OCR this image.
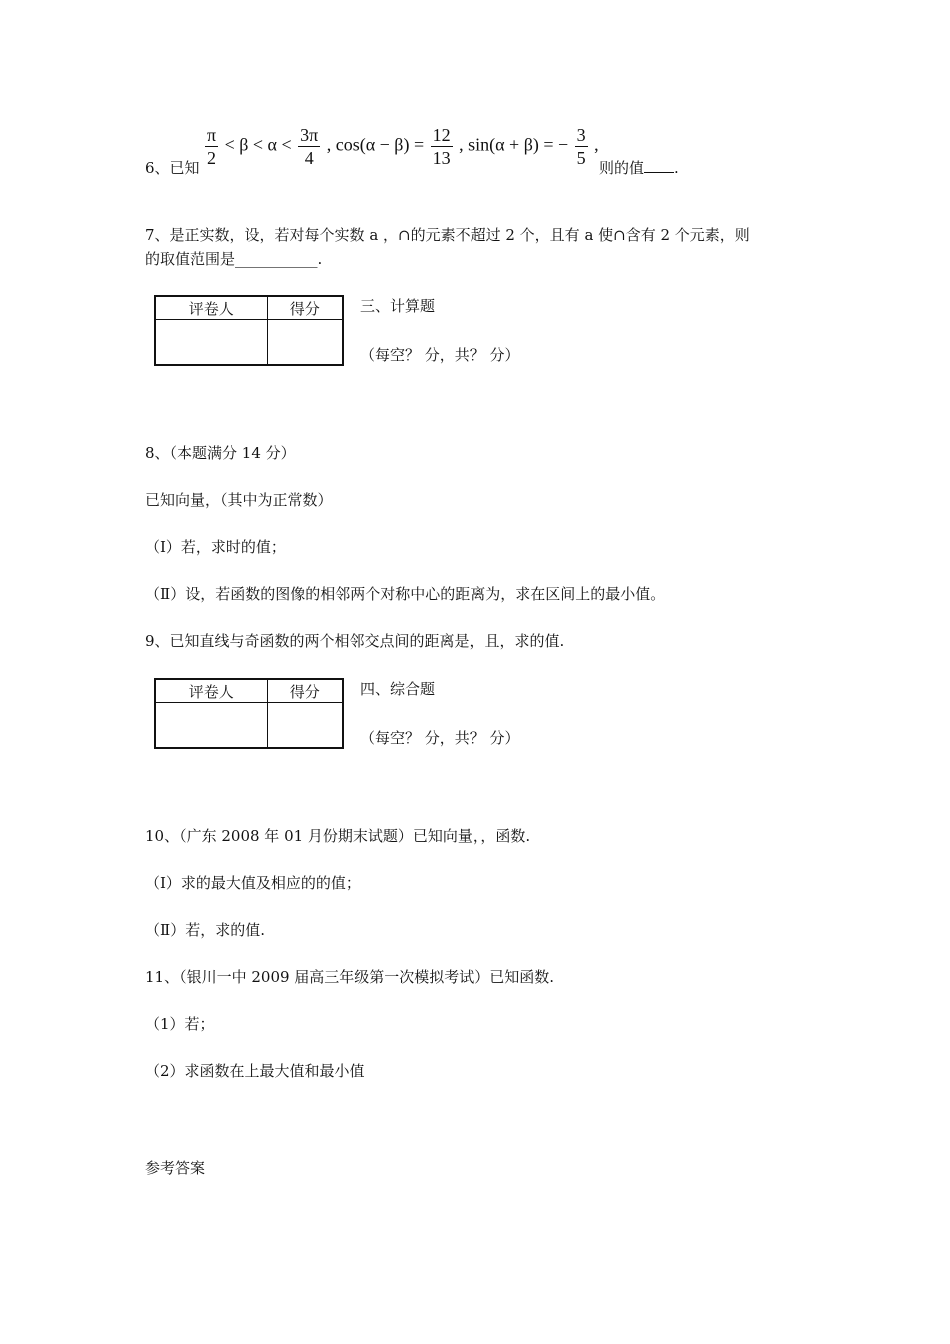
6、已知 $\frac{\pi}{2} < \beta < \alpha < \frac{3\pi}{4}$ , $\cos(\alpha - \beta) = \frac{12}{13}$ , sin(α + β) = − $\frac{3}{5}$ ,
则的值 .
7、是正实数，设，若对每个实数 a ，∩的元素不超过 2 个，且有 a 使∩含有 2 个元素，则
的取值范围是___________.
评卷人	得分
		三、计算题
（每空？ 分，共？ 分）
8、（本题满分 14 分）
已知向量，（其中为正常数）
（Ⅰ）若，求时的值；
（Ⅱ）设，若函数的图像的相邻两个对称中心的距离为，求在区间上的最小值。
9、已知直线与奇函数的两个相邻交点间的距离是，且，求的值.
评卷人	得分
		四、综合题
（每空？ 分，共？ 分）
10、（广东 2008 年 01 月份期末试题）已知向量，，函数.
（Ⅰ）求的最大值及相应的的值；
（Ⅱ）若，求的值.
11、（银川一中 2009 届高三年级第一次模拟考试）已知函数.
（1）若；
（2）求函数在上最大值和最小值
参考答案
